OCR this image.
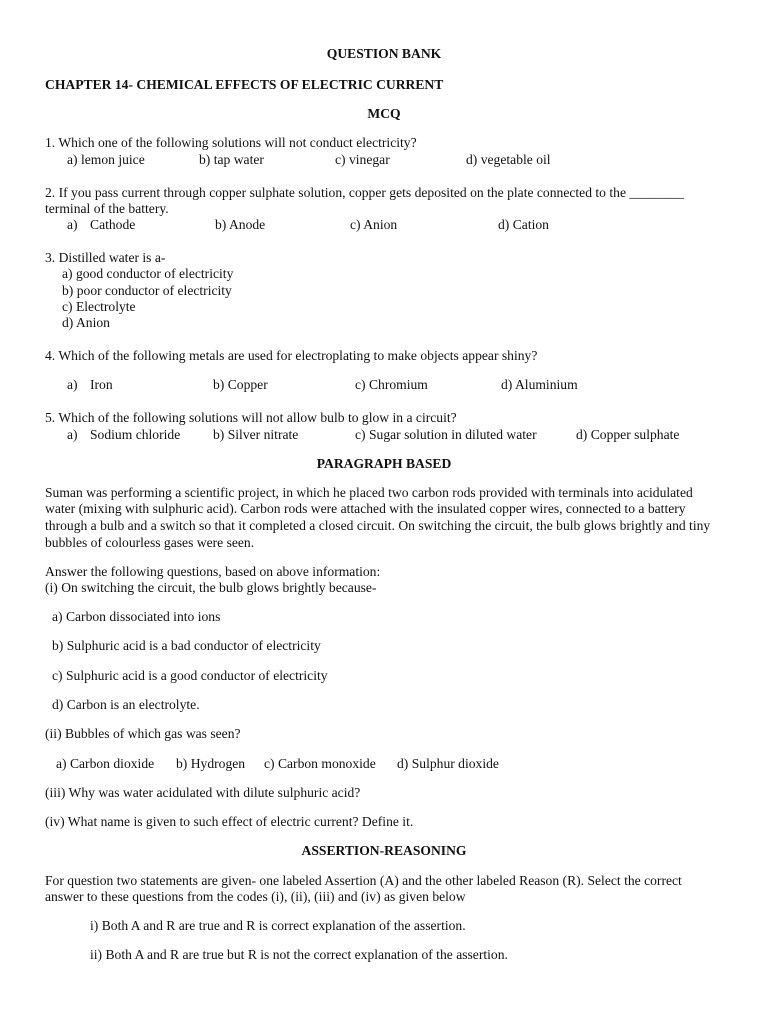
QUESTION BANK
CHAPTER 14- CHEMICAL EFFECTS OF ELECTRIC CURRENT
MCQ
1. Which one of the following solutions will not conduct electricity?
a) lemon juice	b) tap water	c) vinegar	d) vegetable oil
2. If you pass current through copper sulphate solution, copper gets deposited on the plate connected to the ________
terminal of the battery.
a) Cathode	b) Anode	c) Anion	d) Cation
3. Distilled water is a-
a) good conductor of electricity
b) poor conductor of electricity
c) Electrolyte
d) Anion
4. Which of the following metals are used for electroplating to make objects appear shiny?
a) Iron	b) Copper	c) Chromium	d) Aluminium
5. Which of the following solutions will not allow bulb to glow in a circuit?
a) Sodium chloride b) Silver nitrate	c) Sugar solution in diluted water	d) Copper sulphate
PARAGRAPH BASED
Suman was performing a scientific project, in which he placed two carbon rods provided with terminals into acidulated
water (mixing with sulphuric acid). Carbon rods were attached with the insulated copper wires, connected to a battery
through a bulb and a switch so that it completed a closed circuit. On switching the circuit, the bulb glows brightly and tiny
bubbles of colourless gases were seen.
Answer the following questions, based on above information:
(i) On switching the circuit, the bulb glows brightly because-
a) Carbon dissociated into ions
b) Sulphuric acid is a bad conductor of electricity
c) Sulphuric acid is a good conductor of electricity
d) Carbon is an electrolyte.
(ii) Bubbles of which gas was seen?
a) Carbon dioxide b) Hydrogen c) Carbon monoxide d) Sulphur dioxide
(iii) Why was water acidulated with dilute sulphuric acid?
(iv) What name is given to such effect of electric current? Define it.
ASSERTION-REASONING
For question two statements are given- one labeled Assertion (A) and the other labeled Reason (R). Select the correct
answer to these questions from the codes (i), (ii), (iii) and (iv) as given below
i) Both A and R are true and R is correct explanation of the assertion.
ii) Both A and R are true but R is not the correct explanation of the assertion.
